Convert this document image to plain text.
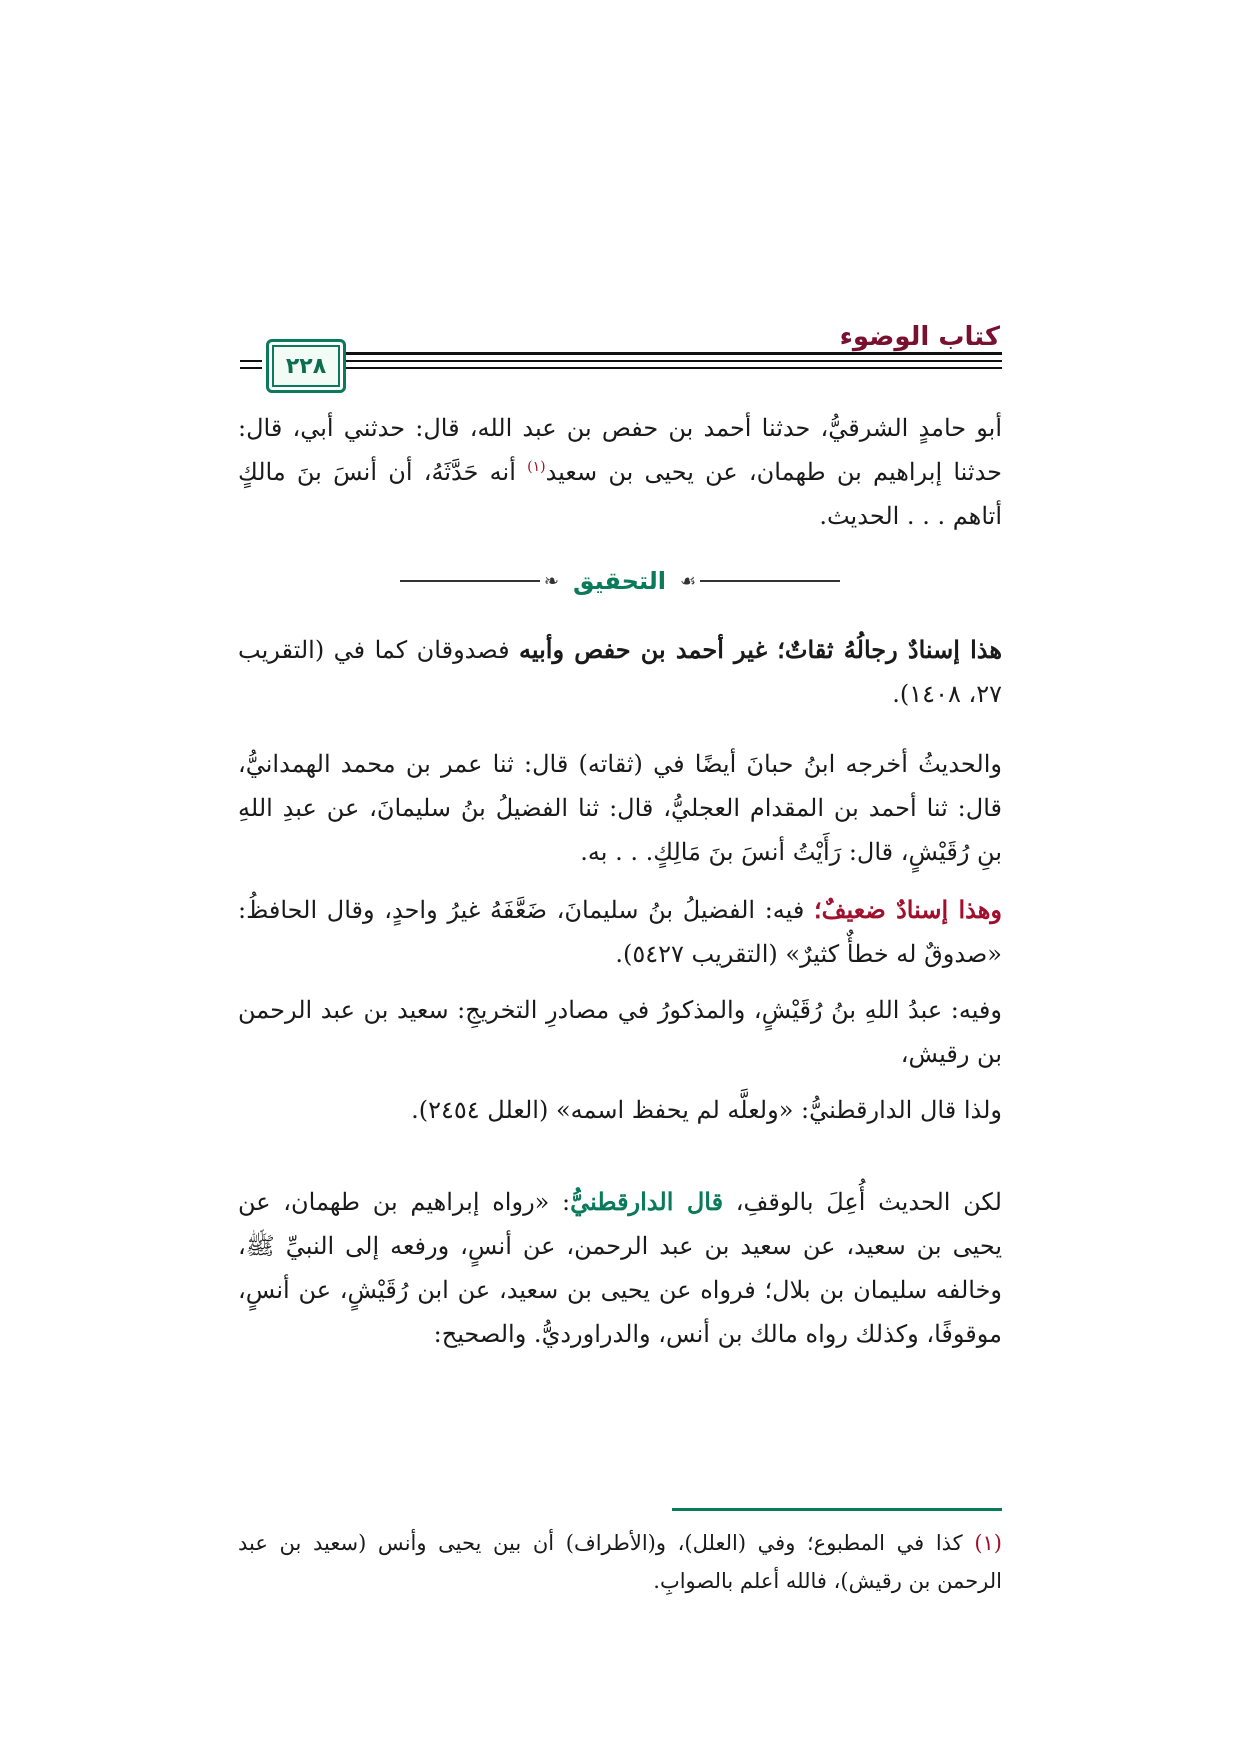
كتاب الوضوء
٢٢٨
أبو حامدٍ الشرقيُّ، حدثنا أحمد بن حفص بن عبد الله، قال: حدثني أبي، قال: حدثنا إبراهيم بن طهمان، عن يحيى بن سعيد$^{(١)}$ أنه حَدَّثَهُ، أن أنسَ بنَ مالكٍ أتاهم . . . الحديث.
❧ التحقيق ☙
هذا إسنادٌ رجالُهُ ثقاتٌ؛ غير أحمد بن حفص وأبيه فصدوقان كما في (التقريب ٢٧، ١٤٠٨).
والحديثُ أخرجه ابنُ حبانَ أيضًا في (ثقاته) قال: ثنا عمر بن محمد الهمدانيُّ، قال: ثنا أحمد بن المقدام العجليُّ، قال: ثنا الفضيلُ بنُ سليمانَ، عن عبدِ اللهِ بنِ رُقَيْشٍ، قال: رَأَيْتُ أنسَ بنَ مَالِكٍ. . . به.
وهذا إسنادٌ ضعيفٌ؛ فيه: الفضيلُ بنُ سليمانَ، ضَعَّفَهُ غيرُ واحدٍ، وقال الحافظُ: «صدوقٌ له خطأٌ كثيرٌ» (التقريب ٥٤٢٧).
وفيه: عبدُ اللهِ بنُ رُقَيْشٍ، والمذكورُ في مصادرِ التخريجِ: سعيد بن عبد الرحمن بن رقيش،
ولذا قال الدارقطنيُّ: «ولعلَّه لم يحفظ اسمه» (العلل ٢٤٥٤).
لكن الحديث أُعِلَ بالوقفِ، قال الدارقطنيُّ: «رواه إبراهيم بن طهمان، عن يحيى بن سعيد، عن سعيد بن عبد الرحمن، عن أنسٍ، ورفعه إلى النبيِّ ﷺ، وخالفه سليمان بن بلال؛ فرواه عن يحيى بن سعيد، عن ابن رُقَيْشٍ، عن أنسٍ، موقوفًا، وكذلك رواه مالك بن أنس، والدراورديُّ. والصحيح:
(١) كذا في المطبوع؛ وفي (العلل)، و(الأطراف) أن بين يحيى وأنس (سعيد بن عبد الرحمن بن رقيش)، فالله أعلم بالصوابِ.
